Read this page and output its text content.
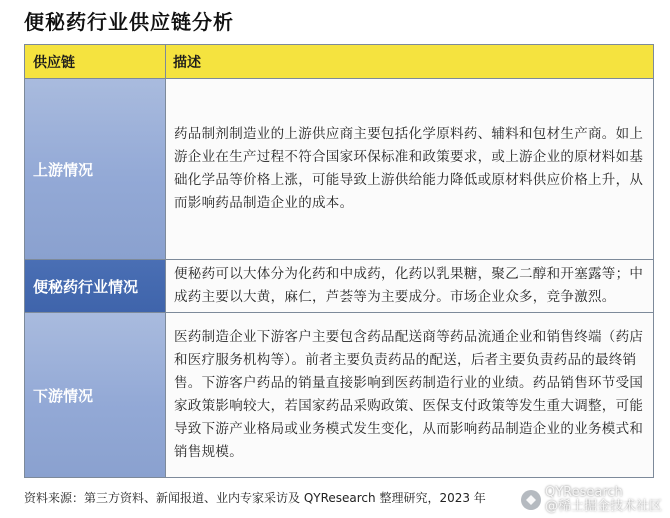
便秘药行业供应链分析
供应链	描述
上游情况
药品制剂制造业的上游供应商主要包括化学原料药、辅料和包材生产商。如上游企业在生产过程不符合国家环保标准和政策要求，或上游企业的原材料如基础化学品等价格上涨，可能导致上游供给能力降低或原材料供应价格上升，从而影响药品制造企业的成本。
便秘药行业情况
便秘药可以大体分为化药和中成药，化药以乳果糖，聚乙二醇和开塞露等；中成药主要以大黄，麻仁，芦荟等为主要成分。市场企业众多，竞争激烈。
下游情况
医药制造企业下游客户主要包含药品配送商等药品流通企业和销售终端（药店和医疗服务机构等）。前者主要负责药品的配送，后者主要负责药品的最终销售。下游客户药品的销量直接影响到医药制造行业的业绩。药品销售环节受国家政策影响较大，若国家药品采购政策、医保支付政策等发生重大调整，可能导致下游产业格局或业务模式发生变化，从而影响药品制造企业的业务模式和销售规模。
资料来源：第三方资料、新闻报道、业内专家采访及 QYResearch 整理研究，2023 年	QYResearch
@稀土掘金技术社区
